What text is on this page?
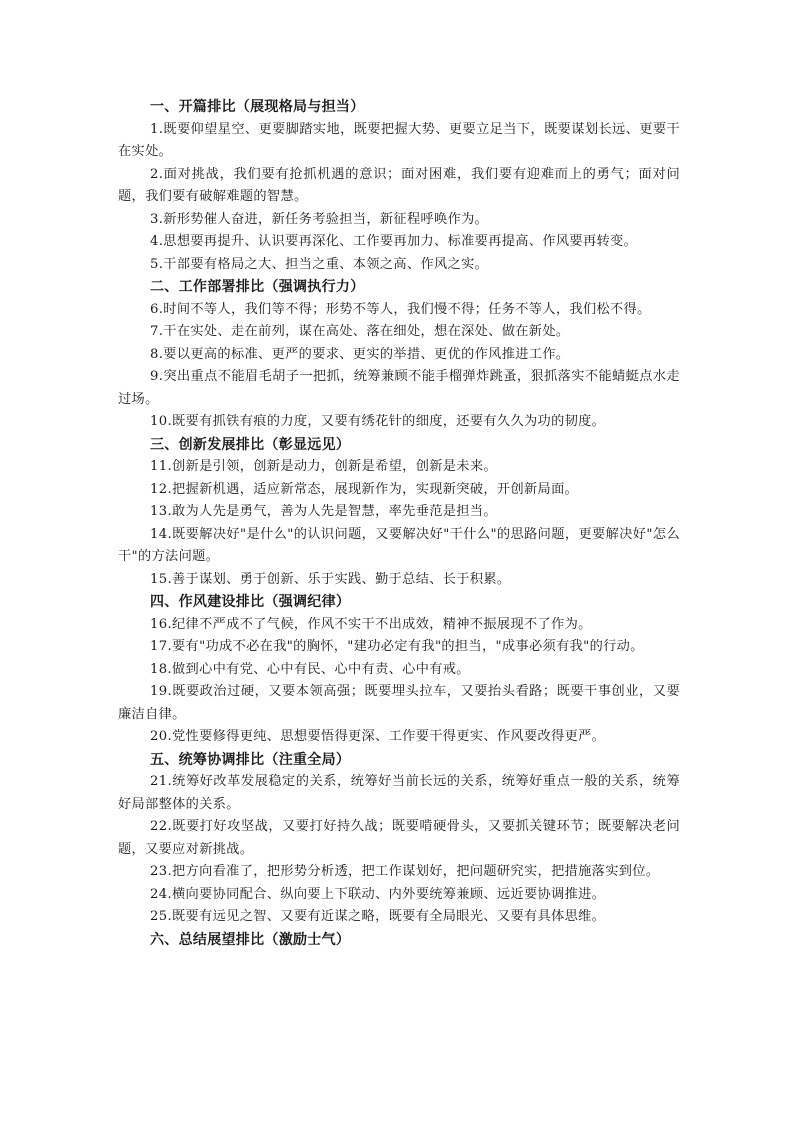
一、开篇排比（展现格局与担当）

1.既要仰望星空、更要脚踏实地，既要把握大势、更要立足当下，既要谋划长远、更要干在实处。

2.面对挑战，我们要有抢抓机遇的意识；面对困难，我们要有迎难而上的勇气；面对问题，我们要有破解难题的智慧。

3.新形势催人奋进，新任务考验担当，新征程呼唤作为。

4.思想要再提升、认识要再深化、工作要再加力、标准要再提高、作风要再转变。

5.干部要有格局之大、担当之重、本领之高、作风之实。

二、工作部署排比（强调执行力）

6.时间不等人，我们等不得；形势不等人，我们慢不得；任务不等人，我们松不得。

7.干在实处、走在前列，谋在高处、落在细处，想在深处、做在新处。

8.要以更高的标准、更严的要求、更实的举措、更优的作风推进工作。

9.突出重点不能眉毛胡子一把抓，统筹兼顾不能手榴弹炸跳蚤，狠抓落实不能蜻蜓点水走过场。

10.既要有抓铁有痕的力度，又要有绣花针的细度，还要有久久为功的韧度。

三、创新发展排比（彰显远见）

11.创新是引领，创新是动力，创新是希望，创新是未来。

12.把握新机遇，适应新常态，展现新作为，实现新突破，开创新局面。

13.敢为人先是勇气，善为人先是智慧，率先垂范是担当。

14.既要解决好"是什么"的认识问题，又要解决好"干什么"的思路问题，更要解决好"怎么干"的方法问题。

15.善于谋划、勇于创新、乐于实践、勤于总结、长于积累。

四、作风建设排比（强调纪律）

16.纪律不严成不了气候，作风不实干不出成效，精神不振展现不了作为。

17.要有"功成不必在我"的胸怀，"建功必定有我"的担当，"成事必须有我"的行动。

18.做到心中有党、心中有民、心中有责、心中有戒。

19.既要政治过硬，又要本领高强；既要埋头拉车，又要抬头看路；既要干事创业，又要廉洁自律。

20.党性要修得更纯、思想要悟得更深、工作要干得更实、作风要改得更严。

五、统筹协调排比（注重全局）

21.统筹好改革发展稳定的关系，统筹好当前长远的关系，统筹好重点一般的关系，统筹好局部整体的关系。

22.既要打好攻坚战，又要打好持久战；既要啃硬骨头，又要抓关键环节；既要解决老问题，又要应对新挑战。

23.把方向看准了，把形势分析透，把工作谋划好，把问题研究实，把措施落实到位。

24.横向要协同配合、纵向要上下联动、内外要统筹兼顾、远近要协调推进。

25.既要有远见之智、又要有近谋之略，既要有全局眼光、又要有具体思维。

六、总结展望排比（激励士气）
